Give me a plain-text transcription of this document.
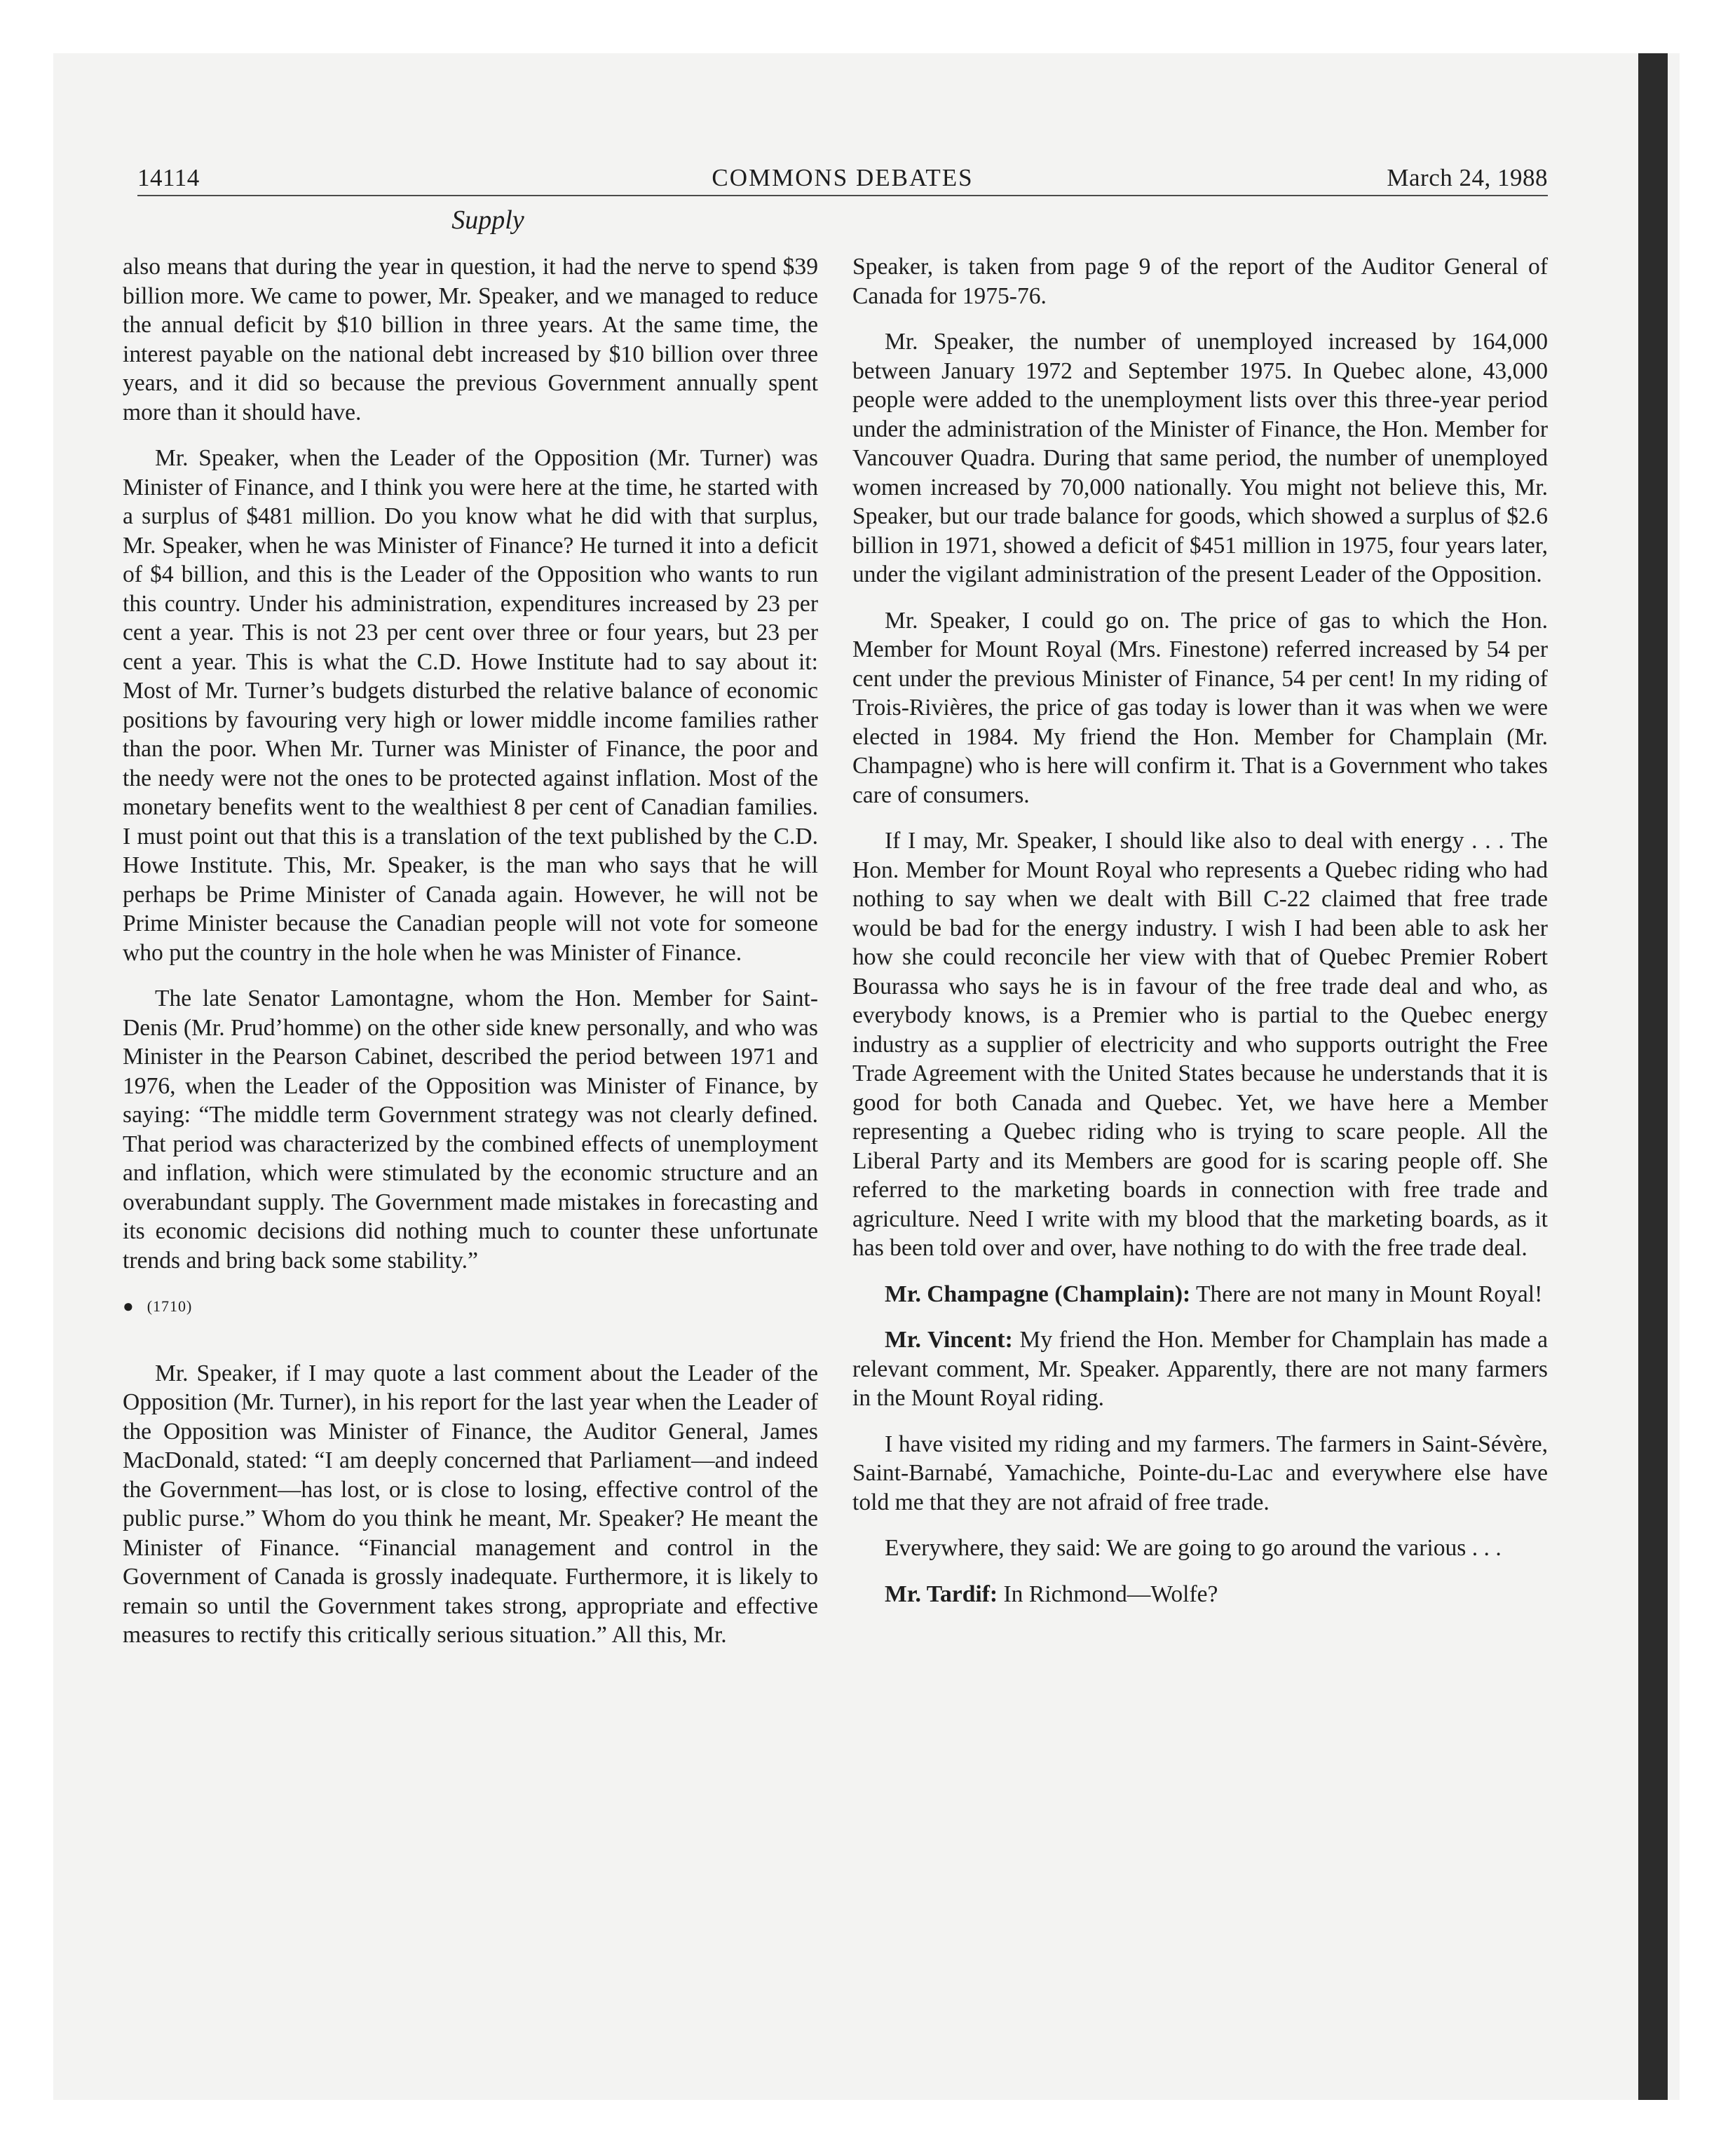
14114	COMMONS DEBATES	March 24, 1988
Supply

also means that during the year in question, it had the nerve to spend $39 billion more. We came to power, Mr. Speaker, and we managed to reduce the annual deficit by $10 billion in three years. At the same time, the interest payable on the national debt increased by $10 billion over three years, and it did so because the previous Government annually spent more than it should have.

Mr. Speaker, when the Leader of the Opposition (Mr. Turner) was Minister of Finance, and I think you were here at the time, he started with a surplus of $481 million. Do you know what he did with that surplus, Mr. Speaker, when he was Minister of Finance? He turned it into a deficit of $4 billion, and this is the Leader of the Opposition who wants to run this country. Under his administration, expenditures increased by 23 per cent a year. This is not 23 per cent over three or four years, but 23 per cent a year. This is what the C.D. Howe Institute had to say about it: Most of Mr. Turner’s budgets disturbed the relative balance of economic positions by favouring very high or lower middle income families rather than the poor. When Mr. Turner was Minister of Finance, the poor and the needy were not the ones to be protected against inflation. Most of the monetary benefits went to the wealthiest 8 per cent of Canadian families. I must point out that this is a translation of the text published by the C.D. Howe Institute. This, Mr. Speaker, is the man who says that he will perhaps be Prime Minister of Canada again. However, he will not be Prime Minister because the Canadian people will not vote for someone who put the country in the hole when he was Minister of Finance.

The late Senator Lamontagne, whom the Hon. Member for Saint-Denis (Mr. Prud’homme) on the other side knew personally, and who was Minister in the Pearson Cabinet, described the period between 1971 and 1976, when the Leader of the Opposition was Minister of Finance, by saying: “The middle term Government strategy was not clearly defined. That period was characterized by the combined effects of unemployment and inflation, which were stimulated by the economic structure and an overabundant supply. The Government made mistakes in forecasting and its economic decisions did nothing much to counter these unfortunate trends and bring back some stability.”

● (1710)

Mr. Speaker, if I may quote a last comment about the Leader of the Opposition (Mr. Turner), in his report for the last year when the Leader of the Opposition was Minister of Finance, the Auditor General, James MacDonald, stated: “I am deeply concerned that Parliament—and indeed the Government—has lost, or is close to losing, effective control of the public purse.” Whom do you think he meant, Mr. Speaker? He meant the Minister of Finance. “Financial management and control in the Government of Canada is grossly inadequate. Furthermore, it is likely to remain so until the Government takes strong, appropriate and effective measures to rectify this critically serious situation.” All this, Mr.

Speaker, is taken from page 9 of the report of the Auditor General of Canada for 1975-76.

Mr. Speaker, the number of unemployed increased by 164,000 between January 1972 and September 1975. In Quebec alone, 43,000 people were added to the unemployment lists over this three-year period under the administration of the Minister of Finance, the Hon. Member for Vancouver Quadra. During that same period, the number of unemployed women increased by 70,000 nationally. You might not believe this, Mr. Speaker, but our trade balance for goods, which showed a surplus of $2.6 billion in 1971, showed a deficit of $451 million in 1975, four years later, under the vigilant administration of the present Leader of the Opposition.

Mr. Speaker, I could go on. The price of gas to which the Hon. Member for Mount Royal (Mrs. Finestone) referred increased by 54 per cent under the previous Minister of Finance, 54 per cent! In my riding of Trois-Rivières, the price of gas today is lower than it was when we were elected in 1984. My friend the Hon. Member for Champlain (Mr. Champagne) who is here will confirm it. That is a Government who takes care of consumers.

If I may, Mr. Speaker, I should like also to deal with energy . . . The Hon. Member for Mount Royal who represents a Quebec riding who had nothing to say when we dealt with Bill C-22 claimed that free trade would be bad for the energy industry. I wish I had been able to ask her how she could reconcile her view with that of Quebec Premier Robert Bourassa who says he is in favour of the free trade deal and who, as everybody knows, is a Premier who is partial to the Quebec energy industry as a supplier of electricity and who supports outright the Free Trade Agreement with the United States because he understands that it is good for both Canada and Quebec. Yet, we have here a Member representing a Quebec riding who is trying to scare people. All the Liberal Party and its Members are good for is scaring people off. She referred to the marketing boards in connection with free trade and agriculture. Need I write with my blood that the marketing boards, as it has been told over and over, have nothing to do with the free trade deal.

Mr. Champagne (Champlain): There are not many in Mount Royal!

Mr. Vincent: My friend the Hon. Member for Champlain has made a relevant comment, Mr. Speaker. Apparently, there are not many farmers in the Mount Royal riding.

I have visited my riding and my farmers. The farmers in Saint-Sévère, Saint-Barnabé, Yamachiche, Pointe-du-Lac and everywhere else have told me that they are not afraid of free trade.

Everywhere, they said: We are going to go around the various . . .

Mr. Tardif: In Richmond—Wolfe?
